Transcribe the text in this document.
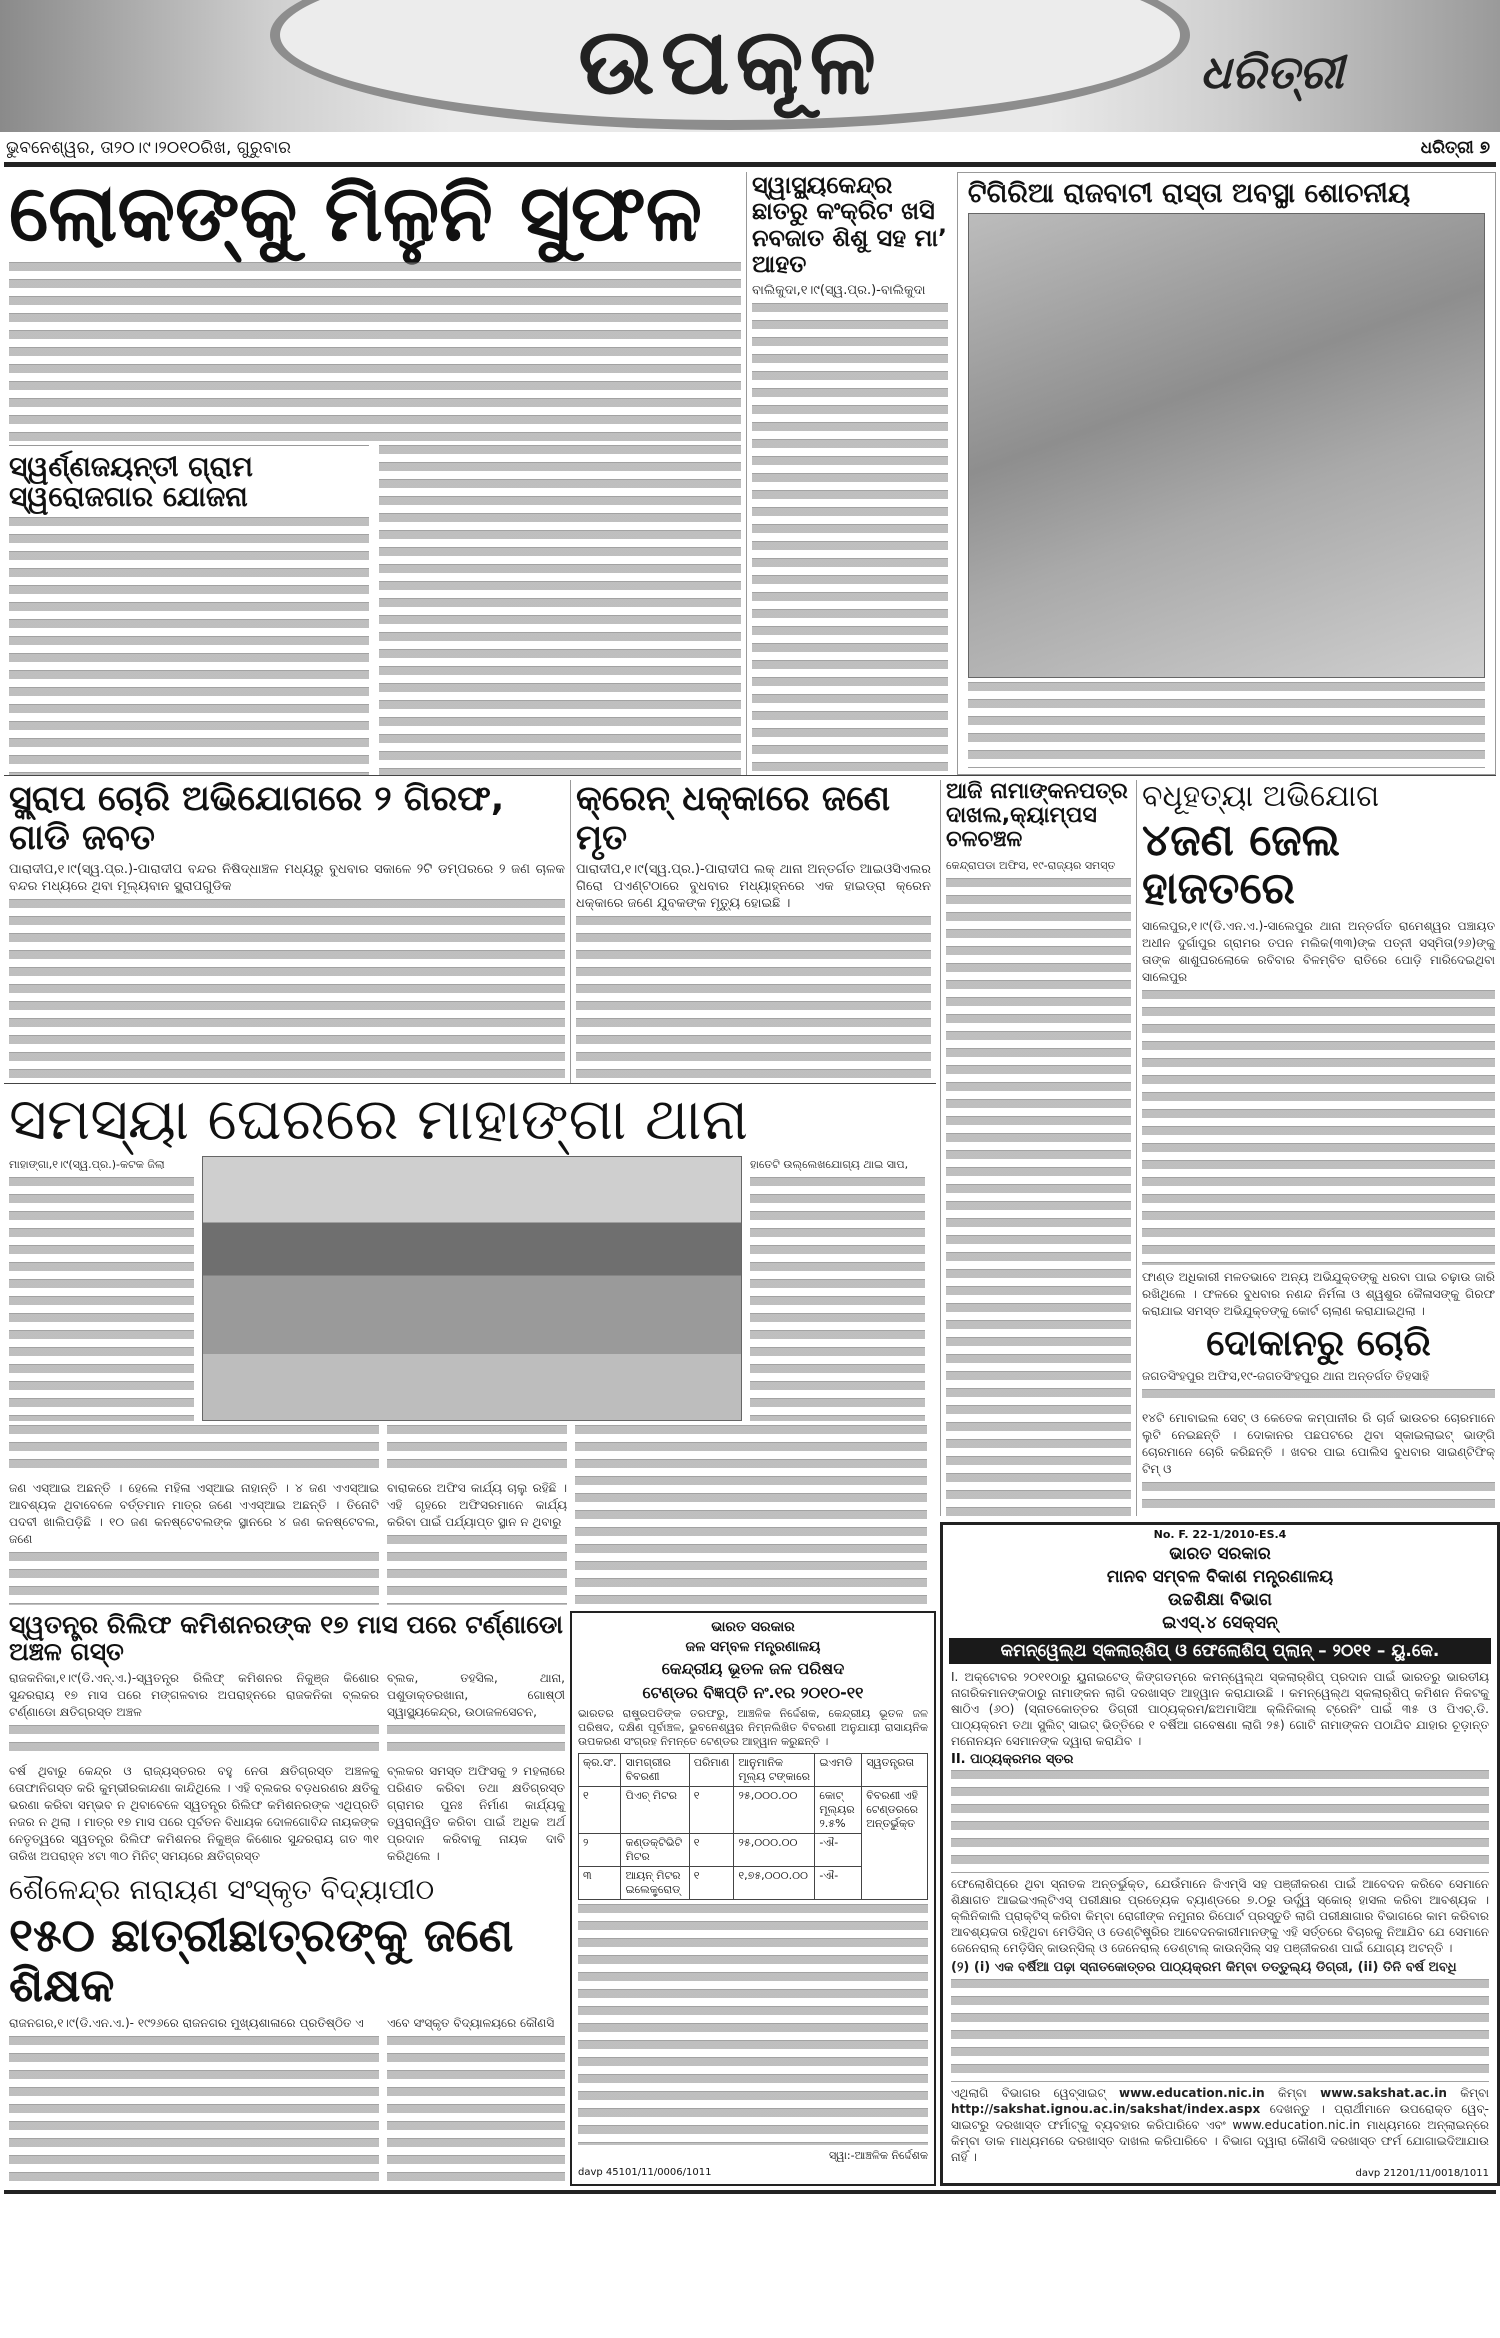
ଉପକୂଳ	ଧରିତ୍ରୀ
ଭୁବନେଶ୍ୱର, ତା୨୦।୯।୨୦୧୦ରିଖ, ଗୁରୁବାର	ଧରିତ୍ରୀ ୭
ଲୋକଙ୍କୁ ମିଳୁନି ସୁଫଳ
ସ୍ୱର୍ଣ୍ଣଜୟନ୍ତୀ ଗ୍ରାମ ସ୍ୱରୋଜଗାର ଯୋଜନା
ସ୍ୱାସ୍ଥ୍ୟକେନ୍ଦ୍ର ଛାତରୁ କଂକ୍ରିଟ ଖସି ନବଜାତ ଶିଶୁ ସହ ମା’ ଆହତ
ବାଲିକୁଦା,୧।୯(ସ୍ୱ.ପ୍ର.)-ବାଲିକୁଦା
ଟିଗିରିଆ ରାଜବାଟୀ ରାସ୍ତା ଅବସ୍ଥା ଶୋଚନୀୟ
ସ୍କ୍ରାପ ଚୋରି ଅଭିଯୋଗରେ ୨ ଗିରଫ, ଗାଡି ଜବତ
ପାରାଦୀପ,୧।୯(ସ୍ୱ.ପ୍ର.)-ପାରାଦୀପ ବନ୍ଦର ନିଷିଦ୍ଧାଞ୍ଚଳ ମଧ୍ୟରୁ ବୁଧବାର ସକାଳେ ୨ଟି ଡମ୍ପରରେ ୨ ଜଣ ଚାଳକ ବନ୍ଦର ମଧ୍ୟରେ ଥିବା ମୂଲ୍ୟବାନ ସ୍କ୍ରାପଗୁଡିକ
କ୍ରେନ୍ ଧକ୍କାରେ ଜଣେ ମୃତ
ପାରାଦୀପ,୧।୯(ସ୍ୱ.ପ୍ର.)-ପାରାଦୀପ ଲକ୍ ଥାନା ଅନ୍ତର୍ଗତ ଆଇଓସିଏଲର ଗିରୋ ପଏଣ୍ଟଠାରେ ବୁଧବାର ମଧ୍ୟାହ୍ନରେ ଏକ ହାଇଡ୍ରା କ୍ରେନ ଧକ୍କାରେ ଜଣେ ଯୁବକଙ୍କ ମୃତ୍ୟୁ ହୋଇଛି ।
ସମସ୍ୟା ଘେରରେ ମାହାଙ୍ଗା ଥାନା
ମାହାଙ୍ଗା,୧।୯(ସ୍ୱ.ପ୍ର.)-କଟକ ଜିଲା	ହାତେଟି ଉଲ୍ଲେଖଯୋଗ୍ୟ ଥାଇ ସାପ,
ଜଣ ଏସ୍ଆଇ ଅଛନ୍ତି । ହେଲେ ମହିଳା ଏସ୍ଆଇ ନାହାନ୍ତି । ୪ ଜଣ ଏଏସ୍ଆଇ ଆବଶ୍ୟକ ଥିବାବେଳେ ବର୍ତ୍ତମାନ ମାତ୍ର ଜଣେ ଏଏସ୍ଆଇ ଅଛନ୍ତି । ତିନୋଟି ପଦବୀ ଖାଲିପଡ଼ିଛି । ୧୦ ଜଣ କନଷ୍ଟେବଲଙ୍କ ସ୍ଥାନରେ ୪ ଜଣ କନଷ୍ଟେବଲ, ଜଣେ
ବାରାକରେ ଅଫିସ କାର୍ଯ୍ୟ ଚାଲୁ ରହିଛି । ଏହି ଗୃହରେ ଅଫିସରମାନେ କାର୍ଯ୍ୟ କରିବା ପାଇଁ ପର୍ଯ୍ୟାପ୍ତ ସ୍ଥାନ ନ ଥିବାରୁ
ସ୍ୱତନ୍ତ୍ର ରିଲିଫ କମିଶନରଙ୍କ ୧୭ ମାସ ପରେ ଟର୍ଣ୍ଣାଡୋ ଅଞ୍ଚଳ ଗସ୍ତ
ରାଜକନିକା,୧।୯(ଡି.ଏନ୍.ଏ.)-ସ୍ୱତନ୍ତ୍ର ରିଲିଫ୍ କମିଶନର ନିକୁଞ୍ଜ କିଶୋର ସୁନ୍ଦରରାୟ ୧୭ ମାସ ପରେ ମଙ୍ଗଳବାର ଅପରାହ୍ନରେ ରାଜକନିକା ବ୍ଲକର ଟର୍ଣ୍ଣାଡୋ କ୍ଷତିଗ୍ରସ୍ତ ଅଞ୍ଚଳ
ବର୍ଷ ଥିବାରୁ କେନ୍ଦ୍ର ଓ ରାଜ୍ୟସ୍ତରର ବହୁ ନେତା କ୍ଷତିଗ୍ରସ୍ତ ଅଞ୍ଚଳକୁ ତୋଫାନିଗସ୍ତ କରି କୁମ୍ଭୀରକାନ୍ଦଣା କାନ୍ଦିଥିଲେ । ଏହି ବ୍ଲକର ବଡ଼ଧରଣର କ୍ଷତିକୁ ଭରଣା କରିବା ସମ୍ଭବ ନ ଥିବାବେଳେ ସ୍ୱତନ୍ତ୍ର ରିଲିଫ କମିଶନରଙ୍କ ଏଥିପ୍ରତି ନଜର ନ ଥିଲା । ମାତ୍ର ୧୭ ମାସ ପରେ ପୂର୍ବତନ ବିଧାୟକ ଦୋଳଗୋବିନ୍ଦ ନାୟକଙ୍କ ନେତୃତ୍ୱରେ ସ୍ୱତନ୍ତ୍ର ରିଲିଫ କମିଶନର ନିକୁଞ୍ଜ କିଶୋର ସୁନ୍ଦରରାୟ ଗତ ୩୧ ତାରିଖ ଅପରାହ୍ନ ୪ଟା ୩୦ ମିନିଟ୍ ସମୟରେ କ୍ଷତିଗ୍ରସ୍ତ
ବ୍ଲକ, ତହସିଲ, ଥାନା, ପଶୁଡାକ୍ତରଖାନା, ଗୋଷ୍ଠୀ ସ୍ୱାସ୍ଥ୍ୟକେନ୍ଦ୍ର, ଉଠାଜଳସେଚନ,
ବ୍ଲକର ସମସ୍ତ ଅଫିସକୁ ୨ ମହଲାରେ ପରିଣତ କରିବା ତଥା କ୍ଷତିଗ୍ରସ୍ତ ଗ୍ରାମର ପୁନଃ ନିର୍ମାଣ କାର୍ଯ୍ୟକୁ ତ୍ୱରାନ୍ୱିତ କରିବା ପାଇଁ ଅଧିକ ଅର୍ଥ ପ୍ରଦାନ କରିବାକୁ ନାୟକ ଦାବି କରିଥିଲେ ।
ଶୈଳେନ୍ଦ୍ର ନାରାୟଣ ସଂସ୍କୃତ ବିଦ୍ୟାପୀଠ
୧୫୦ ଛାତ୍ରୀଛାତ୍ରଙ୍କୁ ଜଣେ ଶିକ୍ଷକ
ରାଜନଗର,୧।୯(ଡି.ଏନ.ଏ.)- ୧୯୨୬ରେ ରାଜନଗର ମୁଖ୍ୟଶାଳାରେ ପ୍ରତିଷ୍ଠିତ ଏ	ଏବେ ସଂସ୍କୃତ ବିଦ୍ୟାଳୟରେ କୌଣସି
ଭାରତ ସରକାର
ଜଳ ସମ୍ବଳ ମନ୍ତ୍ରଣାଳୟ
କେନ୍ଦ୍ରୀୟ ଭୂତଳ ଜଳ ପରିଷଦ
ଟେଣ୍ଡର ବିଜ୍ଞପ୍ତି ନଂ.୧ର ୨୦୧୦-୧୧
ଭାରତର ରାଷ୍ଟ୍ରପତିଙ୍କ ତରଫରୁ, ଆଞ୍ଚଳିକ ନିର୍ଦ୍ଦେଶକ, କେନ୍ଦ୍ରୀୟ ଭୂତଳ ଜଳ ପରିଷଦ, ଦକ୍ଷିଣ ପୂର୍ବାଞ୍ଚଳ, ଭୁବନେଶ୍ୱର ନିମ୍ନଲିଖିତ ବିବରଣୀ ଅନୁଯାୟୀ ରାସାୟନିକ ଉପକରଣ ସଂଗ୍ରହ ନିମନ୍ତେ ଟେଣ୍ଡର ଆହ୍ୱାନ କରୁଛନ୍ତି ।
କ୍ର.ସଂ.	ସାମଗ୍ରୀର ବିବରଣୀ	ପରିମାଣ	ଆନୁମାନିକ ମୂଲ୍ୟ ଟଙ୍କାରେ	ଇଏମଡି	ସ୍ୱତନ୍ତ୍ରତା
୧	ପିଏଚ୍ ମିଟର	୧	୨୫,୦୦୦.୦୦	କୋଟ୍ ମୂଲ୍ୟର ୨.୫%	ବିବରଣୀ ଏହି ଟେଣ୍ଡରରେ ଅନ୍ତର୍ଭୁକ୍ତ
୨	କଣ୍ଡକ୍ଟିଭିଟି ମିଟର	୧	୨୫,୦୦୦.୦୦	-ଐ-	
୩	ଆୟନ୍ ମିଟର ଇଲେକ୍ଟ୍ରୋଡ୍	୧	୧,୭୫,୦୦୦.୦୦	-ଐ-	
ସ୍ୱା:-ଆଞ୍ଚଳିକ ନିର୍ଦ୍ଦେଶକ
davp 45101/11/0006/1011
ଆଜି ନାମାଙ୍କନପତ୍ର ଦାଖଲ,କ୍ୟାମ୍ପସ ଚଳଚଞ୍ଚଳ
କେନ୍ଦ୍ରାପଡା ଅଫିସ, ୧୯-ରାଜ୍ୟର ସମସ୍ତ
ବଧୂହତ୍ୟା ଅଭିଯୋଗ
୪ଜଣ ଜେଲ ହାଜତରେ
ସାଲେପୁର,୧।୯(ଡି.ଏନ.ଏ.)-ସାଲେପୁର ଥାନା ଅନ୍ତର୍ଗତ ରାମେଶ୍ୱର ପଞ୍ଚାୟତ ଅଧୀନ ଦୁର୍ଗାପୁର ଗ୍ରାମର ତପନ ମଲିକ(୩୩)ଙ୍କ ପତ୍ନୀ ସସ୍ମିତା(୨୬)ଙ୍କୁ ତାଙ୍କ ଶାଶୁଘରଲୋକେ ରବିବାର ବିଳମ୍ବିତ ରାତିରେ ପୋଡ଼ି ମାରିଦେଇଥିବା ସାଲେପୁର
ଫାଣ୍ଡ ଅଧିକାରୀ ମଳତଭାବେ ଅନ୍ୟ ଅଭିଯୁକ୍ତଙ୍କୁ ଧରବା ପାଇ ଚଢ଼ାଉ ଜାରି ରଖିଥିଲେ । ଫଳରେ ବୁଧବାର ନଣନ୍ଦ ନିର୍ମଳା ଓ ଶ୍ୱଶୁର କୈଳାସଙ୍କୁ ଗିରଫ କରାଯାଇ ସମସ୍ତ ଅଭିଯୁକ୍ତଙ୍କୁ କୋର୍ଟ ଚାଲାଣ କରାଯାଇଥିଲା ।
ଦୋକାନରୁ ଚୋରି
ଜଗତସିଂହପୁର ଅଫିସ,୧୯-ଜଗତସିଂହପୁର ଥାନା ଅନ୍ତର୍ଗତ ତିହସାହି
୧୪ଟି ମୋବାଇଲ ସେଟ୍ ଓ କେତେକ କମ୍ପାନୀର ରି ଚାର୍ଜ ଭାଉଚର ଚୋରମାନେ ଲୁଟି ନେଇଛନ୍ତି । ଦୋକାନର ପଛପଟରେ ଥିବା ସ୍କାଇଲାଇଟ୍ ଭାଙ୍ଗି ଚୋରମାନେ ଚୋରି କରିଛନ୍ତି । ଖବର ପାଇ ପୋଲିସ ବୁଧବାର ସାଇଣ୍ଟିଫିକ୍ ଟିମ୍ ଓ
No. F. 22-1/2010-ES.4
ଭାରତ ସରକାର
ମାନବ ସମ୍ବଳ ବିକାଶ ମନ୍ତ୍ରଣାଳୟ
ଉଚ୍ଚଶିକ୍ଷା ବିଭାଗ
ଇଏସ୍.୪ ସେକ୍ସନ୍
କମନ୍‌ୱେଲ୍‌ଥ ସ୍କଲାର୍‌ଶିପ୍ ଓ ଫେଲୋଶିପ୍ ପ୍ଲାନ୍ – ୨୦୧୧ – ୟୁ.କେ.
I. ଅକ୍ଟୋବର ୨୦୧୧ଠାରୁ ୟୁନାଇଟେଡ୍ କିଙ୍ଗଡମ୍‌ରେ କମନ୍‌ୱେଲ୍‌ଥ ସ୍କଲାର୍‌ଶିପ୍ ପ୍ରଦାନ ପାଇଁ ଭାରତରୁ ଭାରତୀୟ ନାଗରିକମାନଙ୍କଠାରୁ ନାମାଙ୍କନ ଲାଗି ଦରଖାସ୍ତ ଆହ୍ୱାନ କରାଯାଉଛି । କମନ୍‌ୱେଲ୍‌ଥ ସ୍କଲାର୍‌ଶିପ୍ କମିଶନ ନିକଟକୁ ଷାଠିଏ (୬୦) (ସ୍ନାତକୋତ୍ତର ଡିଗ୍ରୀ ପାଠ୍ୟକ୍ରମ/ଛଅମାସିଆ କ୍ଲିନିକାଲ୍ ଟ୍ରେନିଂ ପାଇଁ ୩୫ ଓ ପିଏଚ୍.ଡି. ପାଠ୍ୟକ୍ରମ ତଥା ସ୍ପ୍ଲିଟ୍ ସାଇଟ୍ ଭିତ୍ତିରେ ୧ ବର୍ଷିଆ ଗବେଷଣା ଲାଗି ୨୫) ଗୋଟି ନାମାଙ୍କନ ପଠାଯିବ ଯାହାର ଚୂଡ଼ାନ୍ତ ମନୋନୟନ ସେମାନଙ୍କ ଦ୍ୱାରା କରାଯିବ ।
II. ପାଠ୍ୟକ୍ରମର ସ୍ତର
ଫେଲୋଶିପ୍‌ରେ ଥିବା ସ୍ନାତକ ଅନ୍ତର୍ଭୁକ୍ତ, ଯେଉଁମାନେ ଜିଏମ୍‌ସି ସହ ପଞ୍ଜୀକରଣ ପାଇଁ ଆବେଦନ କରିବେ ସେମାନେ ଶିକ୍ଷାଗତ ଆଇଇଏଲ୍‌ଟିଏସ୍ ପରୀକ୍ଷାର ପ୍ରତ୍ୟେକ ବ୍ୟାଣ୍ଡରେ ୭.୦ରୁ ଊର୍ଦ୍ଧ୍ୱ ସ୍କୋର୍ ହାସଲ କରିବା ଆବଶ୍ୟକ । କ୍ଲିନିକାଲି ପ୍ରାକ୍ଟିସ୍ କରିବା କିମ୍ବା ରୋଗୀଙ୍କ ନମୁନାର ରିପୋର୍ଟ ପ୍ରସ୍ତୁତି ଲାଗି ପରୀକ୍ଷାଗାର ବିଭାଗରେ କାମ କରିବାର ଆବଶ୍ୟକତା ରହିଥିବା ମେଡିସିନ୍ ଓ ଡେଣ୍ଟିଷ୍ଟ୍ରିର ଆବେଦନକାରୀମାନଙ୍କୁ ଏହି ସର୍ତ୍ତରେ ବିଚାରକୁ ନିଆଯିବ ଯେ ସେମାନେ ଜେନେରାଲ୍ ମେଡ଼ିସିନ୍ କାଉନ୍‌ସିଲ୍ ଓ ଜେନେରାଲ୍ ଡେଣ୍ଟାଲ୍ କାଉନ୍‌ସିଲ୍ ସହ ପଞ୍ଜୀକରଣ ପାଇଁ ଯୋଗ୍ୟ ଅଟନ୍ତି ।
(୨) (i) ଏକ ବର୍ଷିଆ ପଢ଼ା ସ୍ନାତକୋତ୍ତର ପାଠ୍ୟକ୍ରମ କିମ୍ବା ତତ୍ତୁଲ୍ୟ ଡିଗ୍ରୀ, (ii) ତିନି ବର୍ଷ ଅବଧି
ଏଥିଲାଗି ବିଭାଗର ୱେବ୍‌ସାଇଟ୍ www.education.nic.in କିମ୍ବା www.sakshat.ac.in କିମ୍ବା http://sakshat.ignou.ac.in/sakshat/index.aspx ଦେଖନ୍ତୁ । ପ୍ରାର୍ଥୀମାନେ ଉପରୋକ୍ତ ୱେବ୍-ସାଇଟରୁ ଦରଖାସ୍ତ ଫର୍ମାଟ୍‌କୁ ବ୍ୟବହାର କରିପାରିବେ ଏବଂ www.education.nic.in ମାଧ୍ୟମରେ ଅନ୍‌ଲାଇନ୍‌ରେ କିମ୍ବା ଡାକ ମାଧ୍ୟମରେ ଦରଖାସ୍ତ ଦାଖଲ କରିପାରିବେ । ବିଭାଗ ଦ୍ୱାରା କୌଣସି ଦରଖାସ୍ତ ଫର୍ମ ଯୋଗାଇଦିଆଯାଉ ନାହିଁ ।
davp 21201/11/0018/1011
